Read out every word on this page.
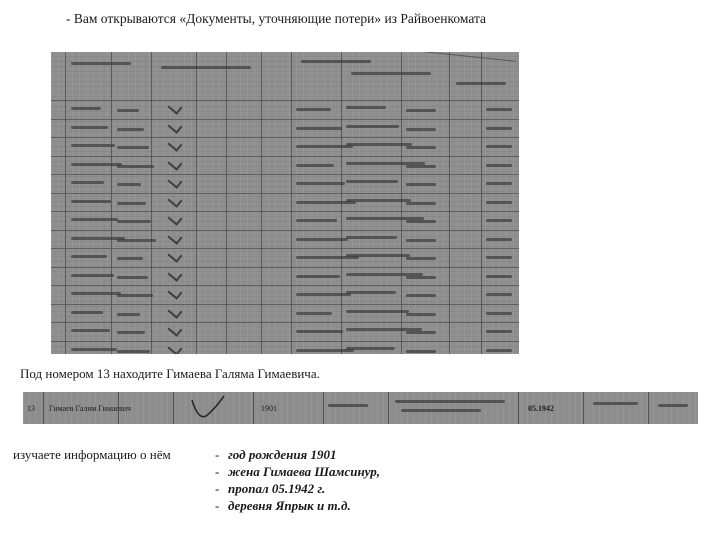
- Вам открываются «Документы, уточняющие потери» из Райвоенкомата
Под номером 13 находите Гимаева Галяма Гимаевича.
13 Гимаев Галям Гимаевич	1901	05.1942
изучаете информацию о нём	- год рождения 1901
- жена Гимаева Шамсинур,
- пропал 05.1942 г.
- деревня Япрык и т.д.
